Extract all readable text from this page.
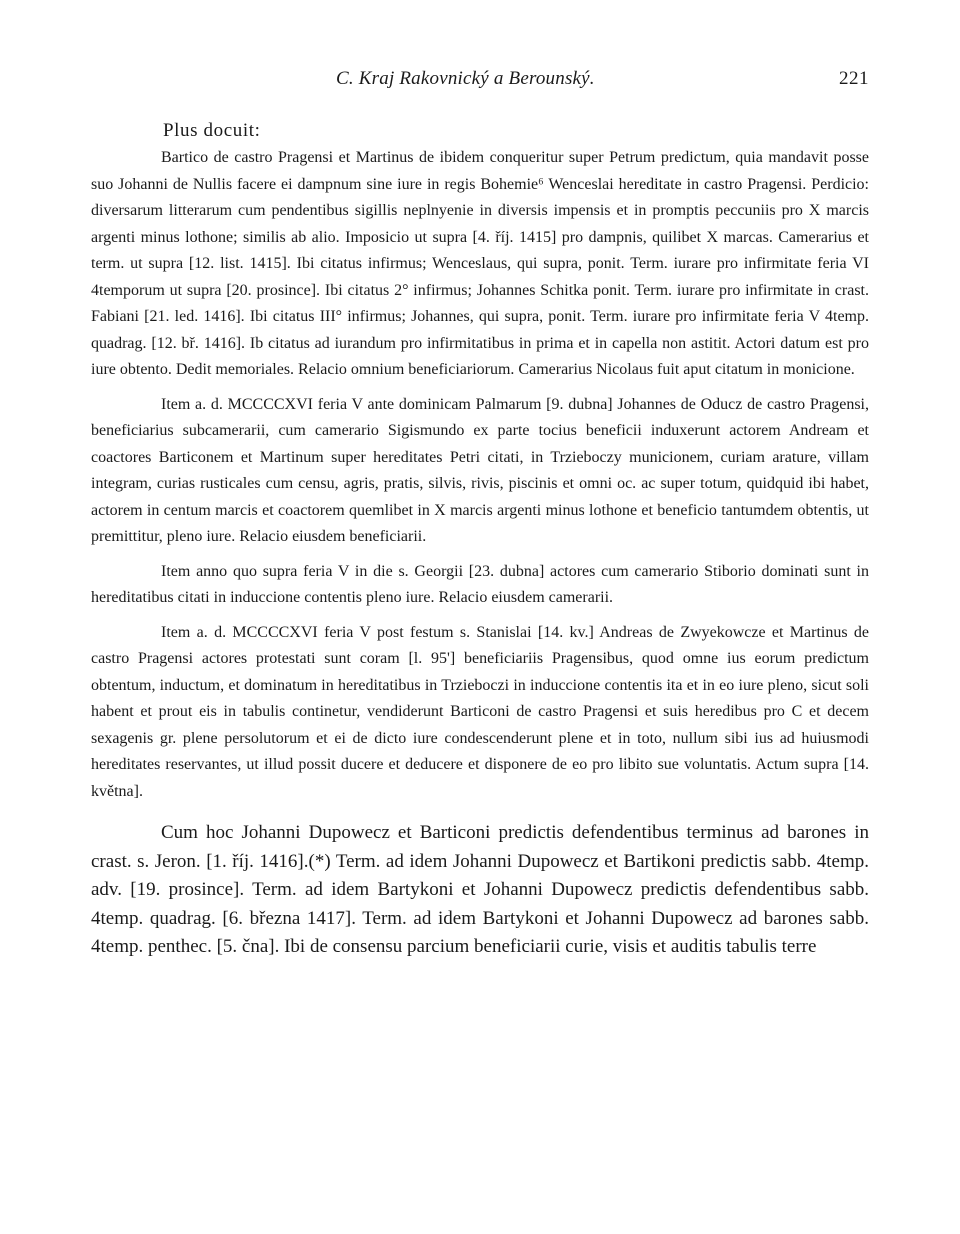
C. Kraj Rakovnický a Berounský.	221
Plus docuit:

Bartico de castro Pragensi et Martinus de ibidem conqueritur super Petrum predictum, quia mandavit posse suo Johanni de Nullis facere ei dampnum sine iure in regis Bohemie⁶ Wenceslai hereditate in castro Pragensi. Perdicio: diversarum litterarum cum pendentibus sigillis neplnyenie in diversis impensis et in promptis peccuniis pro X marcis argenti minus lothone; similis ab alio. Imposicio ut supra [4. říj. 1415] pro dampnis, quilibet X marcas. Camerarius et term. ut supra [12. list. 1415]. Ibi citatus infirmus; Wenceslaus, qui supra, ponit. Term. iurare pro infirmitate feria VI 4temporum ut supra [20. prosince]. Ibi citatus 2° infirmus; Johannes Schitka ponit. Term. iurare pro infirmitate in crast. Fabiani [21. led. 1416]. Ibi citatus III° infirmus; Johannes, qui supra, ponit. Term. iurare pro infirmitate feria V 4temp. quadrag. [12. bř. 1416]. Ib citatus ad iurandum pro infirmitatibus in prima et in capella non astitit. Actori datum est pro iure obtento. Dedit memoriales. Relacio omnium beneficiariorum. Camerarius Nicolaus fuit aput citatum in monicione.

Item a. d. MCCCCXVI feria V ante dominicam Palmarum [9. dubna] Johannes de Oducz de castro Pragensi, beneficiarius subcamerarii, cum camerario Sigismundo ex parte tocius beneficii induxerunt actorem Andream et coactores Barticonem et Martinum super hereditates Petri citati, in Trzieboczy municionem, curiam arature, villam integram, curias rusticales cum censu, agris, pratis, silvis, rivis, piscinis et omni oc. ac super totum, quidquid ibi habet, actorem in centum marcis et coactorem quemlibet in X marcis argenti minus lothone et beneficio tantumdem obtentis, ut premittitur, pleno iure. Relacio eiusdem beneficiarii.

Item anno quo supra feria V in die s. Georgii [23. dubna] actores cum camerario Stiborio dominati sunt in hereditatibus citati in induccione contentis pleno iure. Relacio eiusdem camerarii.

Item a. d. MCCCCXVI feria V post festum s. Stanislai [14. kv.] Andreas de Zwyekowcze et Martinus de castro Pragensi actores protestati sunt coram [l. 95'] beneficiariis Pragensibus, quod omne ius eorum predictum obtentum, inductum, et dominatum in hereditatibus in Trzieboczi in induccione contentis ita et in eo iure pleno, sicut soli habent et prout eis in tabulis continetur, vendiderunt Barticoni de castro Pragensi et suis heredibus pro C et decem sexagenis gr. plene persolutorum et ei de dicto iure condescenderunt plene et in toto, nullum sibi ius ad huiusmodi hereditates reservantes, ut illud possit ducere et deducere et disponere de eo pro libito sue voluntatis. Actum supra [14. května].

Cum hoc Johanni Dupowecz et Barticoni predictis defendentibus terminus ad barones in crast. s. Jeron. [1. říj. 1416].(*) Term. ad idem Johanni Dupowecz et Bartikoni predictis sabb. 4temp. adv. [19. prosince]. Term. ad idem Bartykoni et Johanni Dupowecz predictis defendentibus sabb. 4temp. quadrag. [6. března 1417]. Term. ad idem Bartykoni et Johanni Dupowecz ad barones sabb. 4temp. penthec. [5. čna]. Ibi de consensu parcium beneficiarii curie, visis et auditis tabulis terre
